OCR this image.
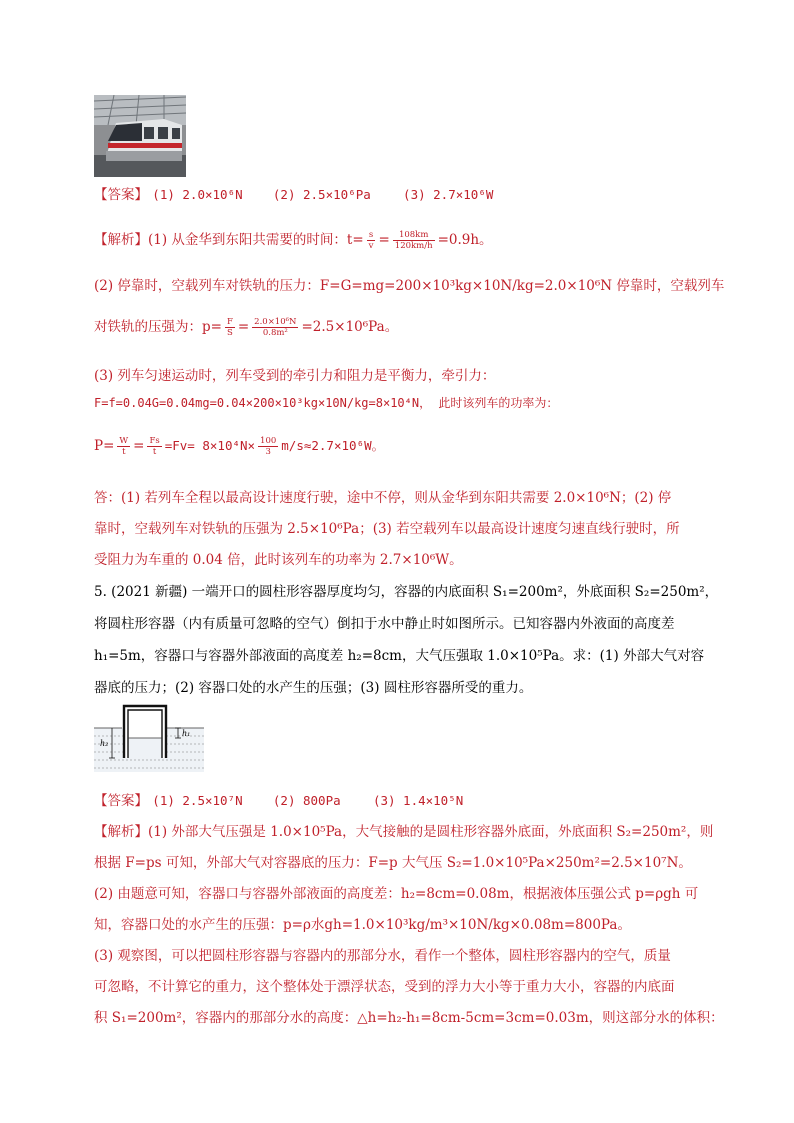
【答案】 (1) 2.0×10⁶N (2) 2.5×10⁶Pa	(3) 2.7×10⁶W
【解析】(1) 从金华到东阳共需要的时间：$t= \frac{s}{v} = \frac{108km}{120km/h} =0.9h$。
(2) 停靠时，空载列车对铁轨的压力：F=G=mg=200×10³kg×10N/kg=2.0×10⁶N 停靠时，空载列车
对铁轨的压强为：$p= \frac{F}{S} = \frac{\text{2.0×10⁶N}}{\text{0.8m²}} =2.5\times 10^6Pa$。
(3) 列车匀速运动时，列车受到的牵引力和阻力是平衡力，牵引力：
F=f=0.04G=0.04mg=0.04×200×10³kg×10N/kg=8×10⁴N， 此时该列车的功率为：
$P= \frac{W}{t} = \frac{Fs}{t} =Fv= 8\times 10^4N\times \frac{100}{3} m/s\approx 2.7\times 10^6W$。
答：(1) 若列车全程以最高设计速度行驶，途中不停，则从金华到东阳共需要 2.0×10⁶N；(2) 停
靠时，空载列车对铁轨的压强为 2.5×10⁶Pa；(3) 若空载列车以最高设计速度匀速直线行驶时，所
受阻力为车重的 0.04 倍，此时该列车的功率为 2.7×10⁶W。
5. (2021 新疆) 一端开口的圆柱形容器厚度均匀，容器的内底面积 S₁=200m²，外底面积 S₂=250m²，
将圆柱形容器（内有质量可忽略的空气）倒扣于水中静止时如图所示。已知容器内外液面的高度差
h₁=5m，容器口与容器外部液面的高度差 h₂=8cm，大气压强取 1.0×10⁵Pa。求：(1) 外部大气对容
器底的压力；(2) 容器口处的水产生的压强；(3) 圆柱形容器所受的重力。
h₁
h₂
【答案】 (1) 2.5×10⁷N (2) 800Pa	(3) 1.4×10⁵N
【解析】(1) 外部大气压强是 1.0×10⁵Pa，大气接触的是圆柱形容器外底面，外底面积 S₂=250m²，则
根据 F=ps 可知，外部大气对容器底的压力：F=p 大气压 S₂=1.0×10⁵Pa×250m²=2.5×10⁷N。
(2) 由题意可知，容器口与容器外部液面的高度差：h₂=8cm=0.08m，根据液体压强公式 p=ρgh 可
知，容器口处的水产生的压强：p=ρ水gh=1.0×10³kg/m³×10N/kg×0.08m=800Pa。
(3) 观察图，可以把圆柱形容器与容器内的那部分水，看作一个整体，圆柱形容器内的空气，质量
可忽略，不计算它的重力，这个整体处于漂浮状态，受到的浮力大小等于重力大小，容器的内底面
积 S₁=200m²，容器内的那部分水的高度：△h=h₂-h₁=8cm-5cm=3cm=0.03m，则这部分水的体积：
